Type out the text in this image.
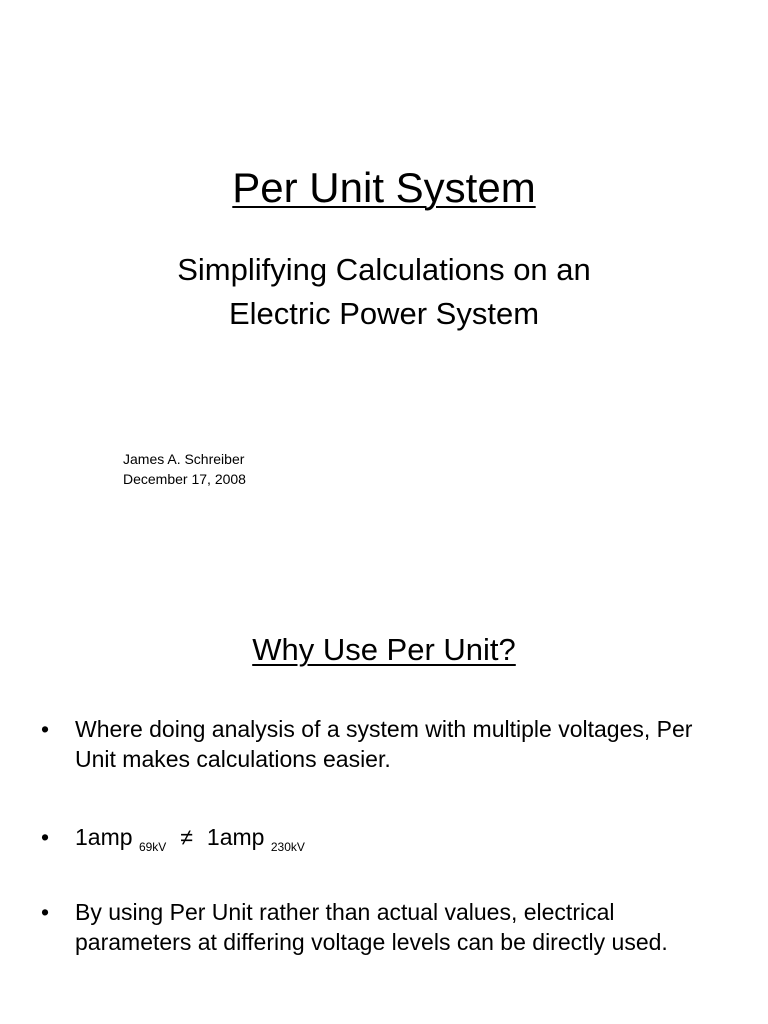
Per Unit System
Simplifying Calculations on an
Electric Power System
James A. Schreiber
December 17, 2008
Why Use Per Unit?
• Where doing analysis of a system with multiple voltages, Per Unit makes calculations easier.
• 1amp $_{69kV}$ ≠ 1amp $_{230kV}$
• By using Per Unit rather than actual values, electrical parameters at differing voltage levels can be directly used.
